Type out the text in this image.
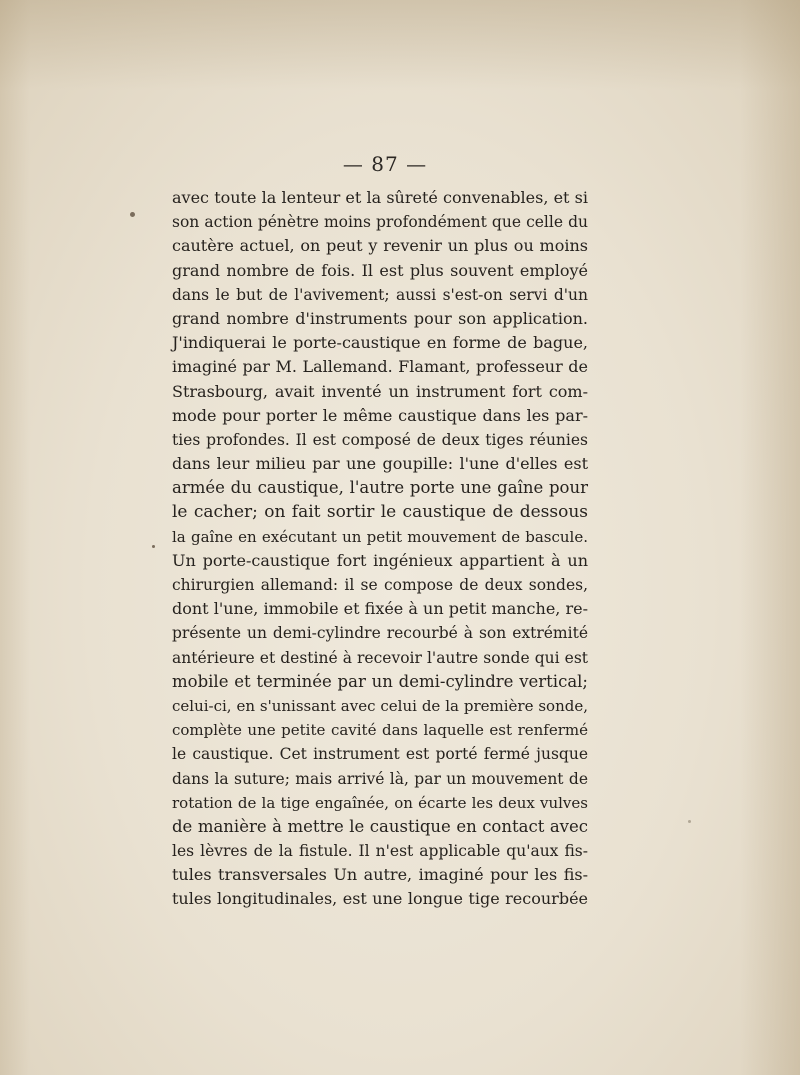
— 87 —
avec toute la lenteur et la sûreté convenables, et si
son action pénètre moins profondément que celle du
cautère actuel, on peut y revenir un plus ou moins
grand nombre de fois. Il est plus souvent employé
dans le but de l'avivement; aussi s'est-on servi d'un
grand nombre d'instruments pour son application.
J'indiquerai le porte-caustique en forme de bague,
imaginé par M. Lallemand. Flamant, professeur de
Strasbourg, avait inventé un instrument fort com-
mode pour porter le même caustique dans les par-
ties profondes. Il est composé de deux tiges réunies
dans leur milieu par une goupille: l'une d'elles est
armée du caustique, l'autre porte une gaîne pour
le cacher; on fait sortir le caustique de dessous
la gaîne en exécutant un petit mouvement de bascule.
Un porte-caustique fort ingénieux appartient à un
chirurgien allemand: il se compose de deux sondes,
dont l'une, immobile et fixée à un petit manche, re-
présente un demi-cylindre recourbé à son extrémité
antérieure et destiné à recevoir l'autre sonde qui est
mobile et terminée par un demi-cylindre vertical;
celui-ci, en s'unissant avec celui de la première sonde,
complète une petite cavité dans laquelle est renfermé
le caustique. Cet instrument est porté fermé jusque
dans la suture; mais arrivé là, par un mouvement de
rotation de la tige engaînée, on écarte les deux vulves
de manière à mettre le caustique en contact avec
les lèvres de la fistule. Il n'est applicable qu'aux fis-
tules transversales Un autre, imaginé pour les fis-
tules longitudinales, est une longue tige recourbée
